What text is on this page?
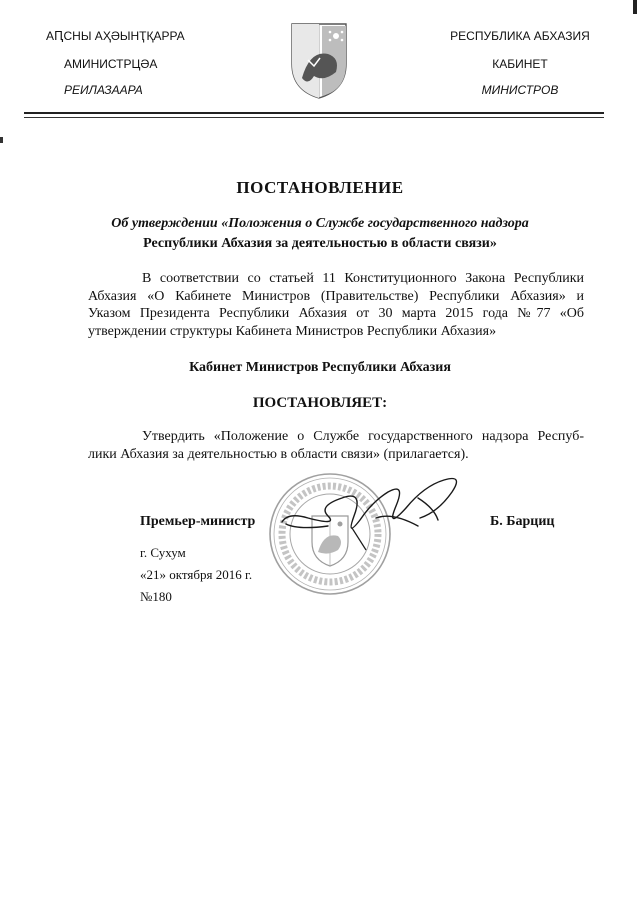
АԤСНЫ АҲӘЫНҬҚАРРА
АМИНИСТРЦӘА
РЕИЛАЗААРА
РЕСПУБЛИКА АБХАЗИЯ
КАБИНЕТ
МИНИСТРОВ
ПОСТАНОВЛЕНИЕ
Об утверждении «Положения о Службе государственного надзора
Республики Абхазия за деятельностью в области связи»
В соответствии со статьей 11 Конституционного Закона Республики
Абхазия «О Кабинете Министров (Правительстве) Республики Абхазия» и
Указом Президента Республики Абхазия от 30 марта 2015 года №77 «Об
утверждении структуры Кабинета Министров Республики Абхазия»
Кабинет Министров Республики Абхазия
ПОСТАНОВЛЯЕТ:
Утвердить «Положение о Службе государственного надзора Респуб-
лики Абхазия за деятельностью в области связи» (прилагается).
Премьер-министр	Б. Барциц
г. Сухум
«21» октября 2016 г.
№180
